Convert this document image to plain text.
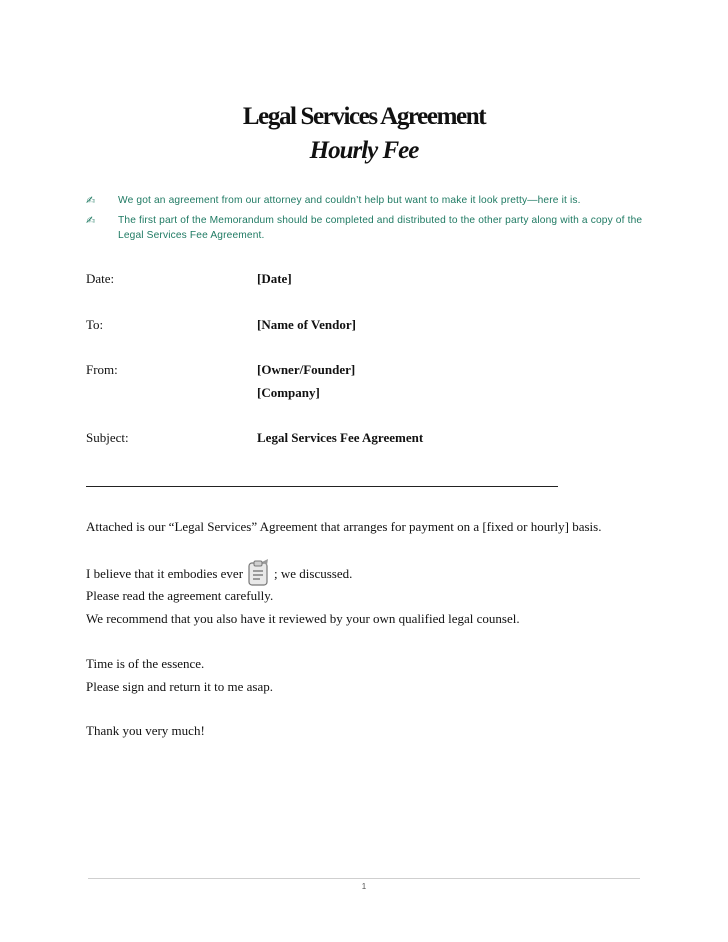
Legal Services Agreement
Hourly Fee
✍	We got an agreement from our attorney and couldn’t help but want to make it look pretty—here it is.
✍	The first part of the Memorandum should be completed and distributed to the other party along with a copy of the Legal Services Fee Agreement.
Date:	[Date]
To:	[Name of Vendor]
From:	[Owner/Founder]
[Company]
Subject:	Legal Services Fee Agreement
Attached is our “Legal Services” Agreement that arranges for payment on a [fixed or hourly] basis.
I believe that it embodies ever ; we discussed.
Please read the agreement carefully.
We recommend that you also have it reviewed by your own qualified legal counsel.
Time is of the essence.
Please sign and return it to me asap.
Thank you very much!
1
